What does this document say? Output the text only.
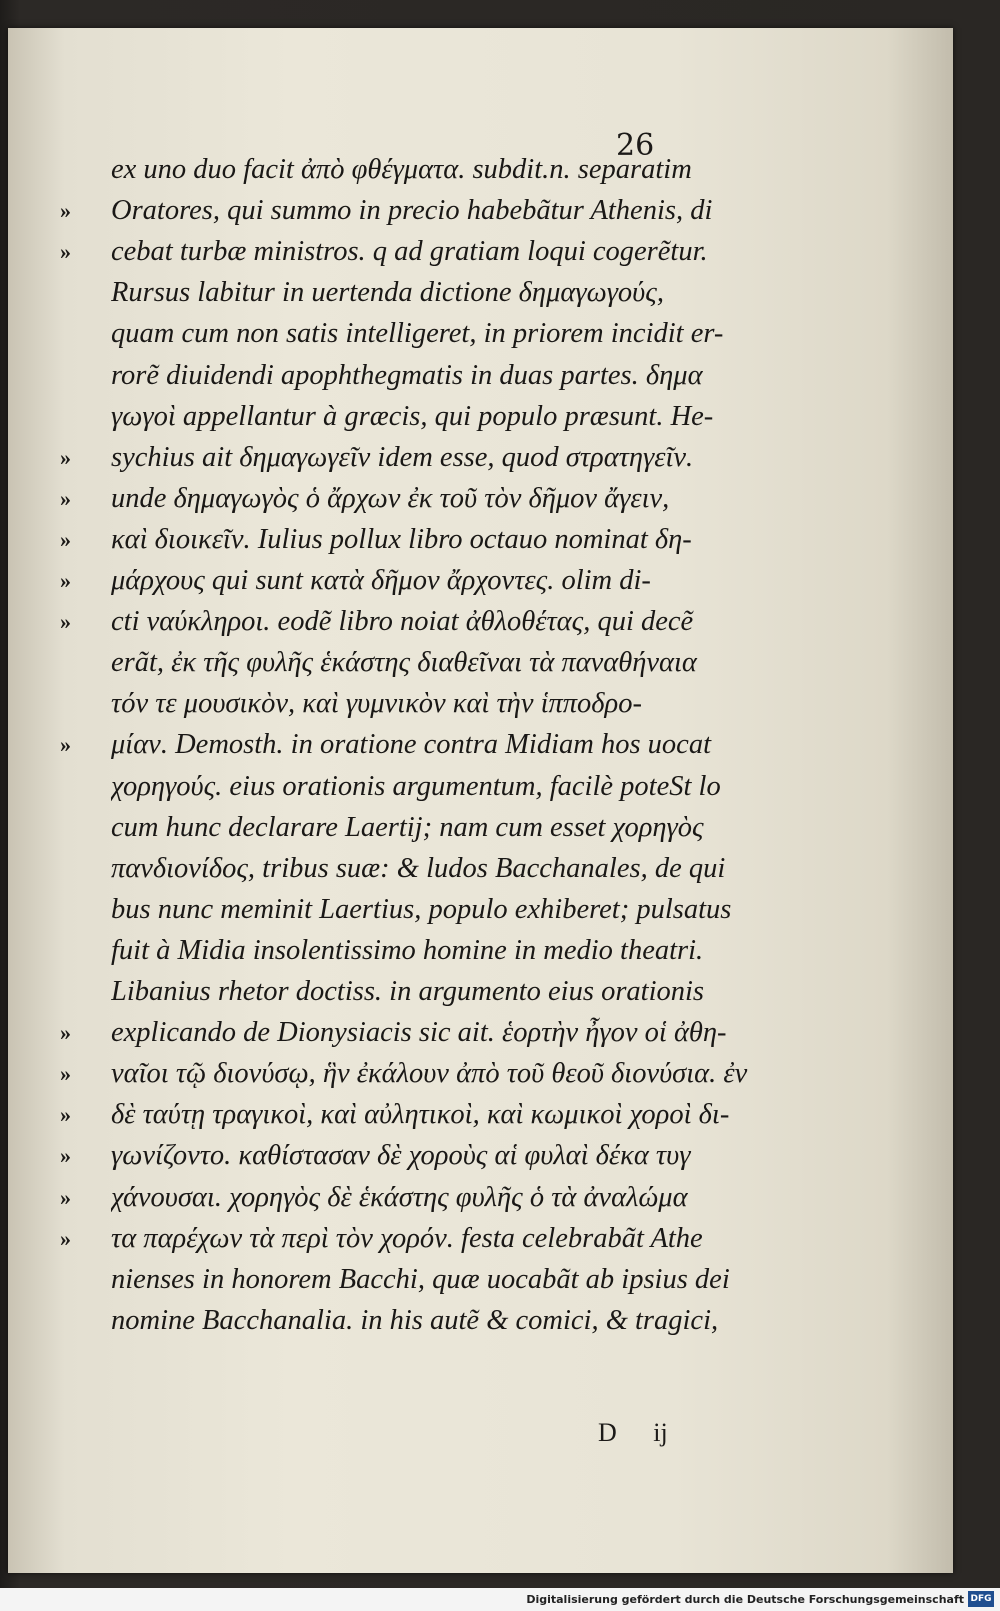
26
ex uno duo facit ἀπὸ φθέγματα. subdit.n. separatim
»	Oratores, qui summo in precio habebãtur Athenis, di
»	cebat turbæ ministros. q ad gratiam loqui cogerẽtur.
Rursus labitur in uertenda dictione δημαγωγούς,
quam cum non satis intelligeret, in priorem incidit er-
rorẽ diuidendi apophthegmatis in duas partes. δημα
γωγοὶ appellantur à græcis, qui populo præsunt. He-
»	sychius ait δημαγωγεῖν idem esse, quod στρατηγεῖν.
»	unde δημαγωγὸς ὁ ἄρχων ἐκ τοῦ τὸν δῆμον ἄγειν,
»	καὶ διοικεῖν. Iulius pollux libro octauo nominat δη-
»	μάρχους qui sunt κατὰ δῆμον ἄρχοντες. olim di-
»	cti ναύκληροι. eodẽ libro noiat ἀθλοθέτας, qui decẽ
erãt, ἐκ τῆς φυλῆς ἑκάστης διαθεῖναι τὰ παναθήναια
τόν τε μουσικὸν, καὶ γυμνικὸν καὶ τὴν ἱπποδρο-
»	μίαν. Demosth. in oratione contra Midiam hos uocat
χορηγούς. eius orationis argumentum, facilè poteSt lo
cum hunc declarare Laertij; nam cum esset χορηγὸς
πανδιονίδος, tribus suæ: & ludos Bacchanales, de qui
bus nunc meminit Laertius, populo exhiberet; pulsatus
fuit à Midia insolentissimo homine in medio theatri.
Libanius rhetor doctiss. in argumento eius orationis
»	explicando de Dionysiacis sic ait. ἑορτὴν ἦγον οἱ ἀθη-
»	ναῖοι τῷ διονύσῳ, ἣν ἐκάλουν ἀπὸ τοῦ θεοῦ διονύσια. ἐν
»	δὲ ταύτῃ τραγικοὶ, καὶ αὐλητικοὶ, καὶ κωμικοὶ χοροὶ δι-
»	γωνίζοντο. καθίστασαν δὲ χοροὺς αἱ φυλαὶ δέκα τυγ
»	χάνουσαι. χορηγὸς δὲ ἑκάστης φυλῆς ὁ τὰ ἀναλώμα
»	τα παρέχων τὰ περὶ τὸν χορόν. festa celebrabãt Athe
nienses in honorem Bacchi, quæ uocabãt ab ipsius dei
nomine Bacchanalia. in his autẽ & comici, & tragici,
D ij
Digitalisierung gefördert durch die Deutsche Forschungsgemeinschaft DFG
